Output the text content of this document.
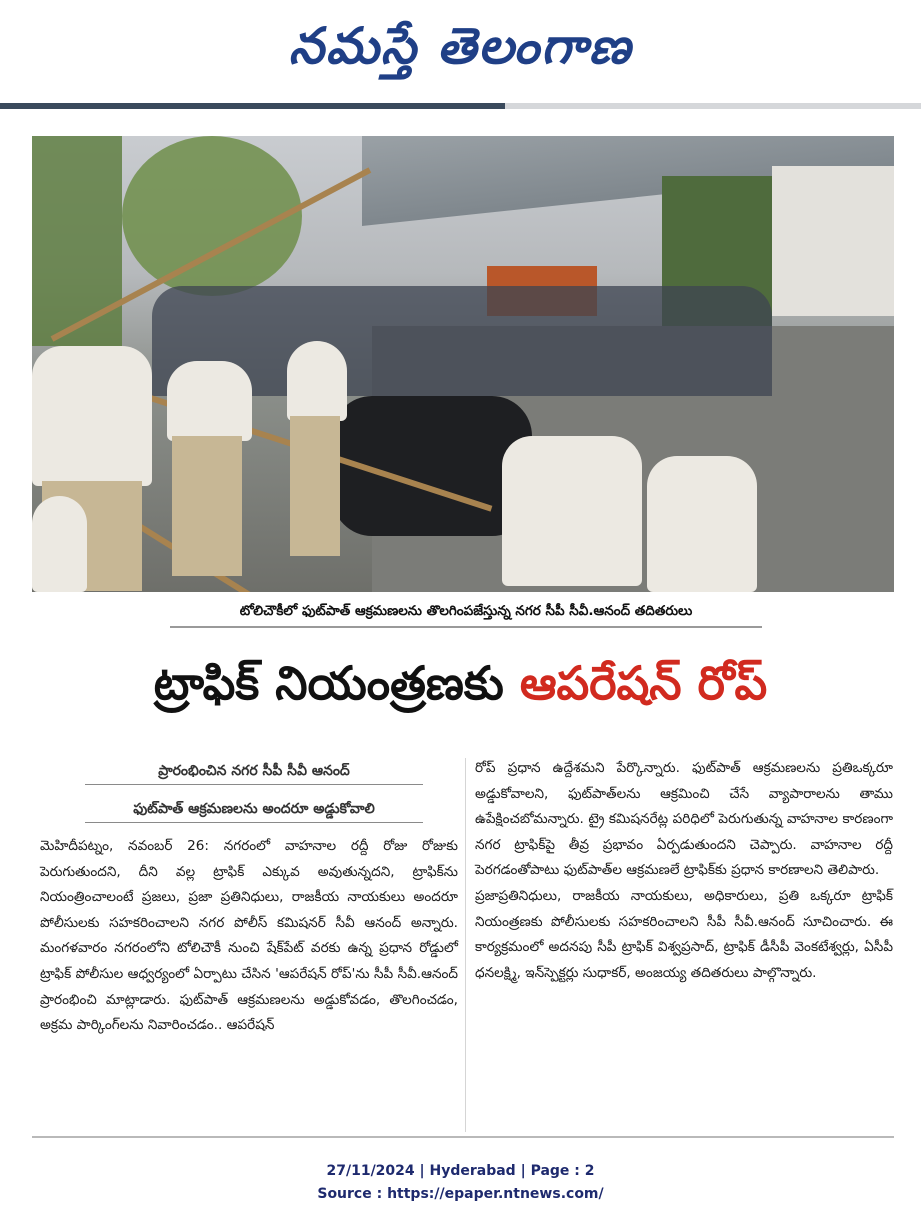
నమస్తే తెలంగాణ
టోలిచౌకీలో ఫుట్‌పాత్ ఆక్రమణలను తొలగింపజేస్తున్న నగర సీపీ సీవీ.ఆనంద్ తదితరులు
ట్రాఫిక్ నియంత్రణకు ఆపరేషన్ రోప్
ప్రారంభించిన నగర సీపీ సీవీ ఆనంద్
ఫుట్‌పాత్ ఆక్రమణలను అందరూ అడ్డుకోవాలి

మెహిదీపట్నం, నవంబర్ 26: నగరంలో వాహనాల రద్దీ రోజు రోజుకు పెరుగుతుందని, దీని వల్ల ట్రాఫిక్ ఎక్కువ అవుతున్నదని, ట్రాఫిక్‌ను నియంత్రించాలంటే ప్రజలు, ప్రజా ప్రతినిధులు, రాజకీయ నాయకులు అందరూ పోలీసులకు సహకరించాలని నగర పోలీస్ కమిషనర్ సీవీ ఆనంద్ అన్నారు. మంగళవారం నగరంలోని టోలిచౌకీ నుంచి షేక్‌పేట్ వరకు ఉన్న ప్రధాన రోడ్డులో ట్రాఫిక్ పోలీసుల ఆధ్వర్యంలో ఏర్పాటు చేసిన 'ఆపరేషన్ రోప్'ను సీపీ సీవీ.ఆనంద్ ప్రారంభించి మాట్లాడారు. ఫుట్‌పాత్ ఆక్రమణలను అడ్డుకోవడం, తొలగించడం, అక్రమ పార్కింగ్‌లను నివారించడం.. ఆపరేషన్

రోప్ ప్రధాన ఉద్దేశమని పేర్కొన్నారు. ఫుట్‌పాత్ ఆక్రమణలను ప్రతిఒక్కరూ అడ్డుకోవాలని, ఫుట్‌పాత్‌లను ఆక్రమించి చేసే వ్యాపారాలను తాము ఉపేక్షించబోమన్నారు. ట్రై కమిషనరేట్ల పరిధిలో పెరుగుతున్న వాహనాల కారణంగా నగర ట్రాఫిక్‌పై తీవ్ర ప్రభావం ఏర్పడుతుందని చెప్పారు. వాహనాల రద్దీ పెరగడంతోపాటు ఫుట్‌పాత్‌ల ఆక్రమణలే ట్రాఫిక్‌కు ప్రధాన కారణాలని తెలిపారు.
ప్రజాప్రతినిధులు, రాజకీయ నాయకులు, అధికారులు, ప్రతి ఒక్కరూ ట్రాఫిక్ నియంత్రణకు పోలీసులకు సహకరించాలని సీపీ సీవీ.ఆనంద్ సూచించారు. ఈ కార్యక్రమంలో అదనపు సీపీ ట్రాఫిక్ విశ్వప్రసాద్, ట్రాఫిక్ డీసీపీ వెంకటేశ్వర్లు, ఏసీపీ ధనలక్ష్మి, ఇన్‌స్పెక్టర్లు సుధాకర్, అంజయ్య తదితరులు పాల్గొన్నారు.

27/11/2024 | Hyderabad | Page : 2
Source : https://epaper.ntnews.com/
